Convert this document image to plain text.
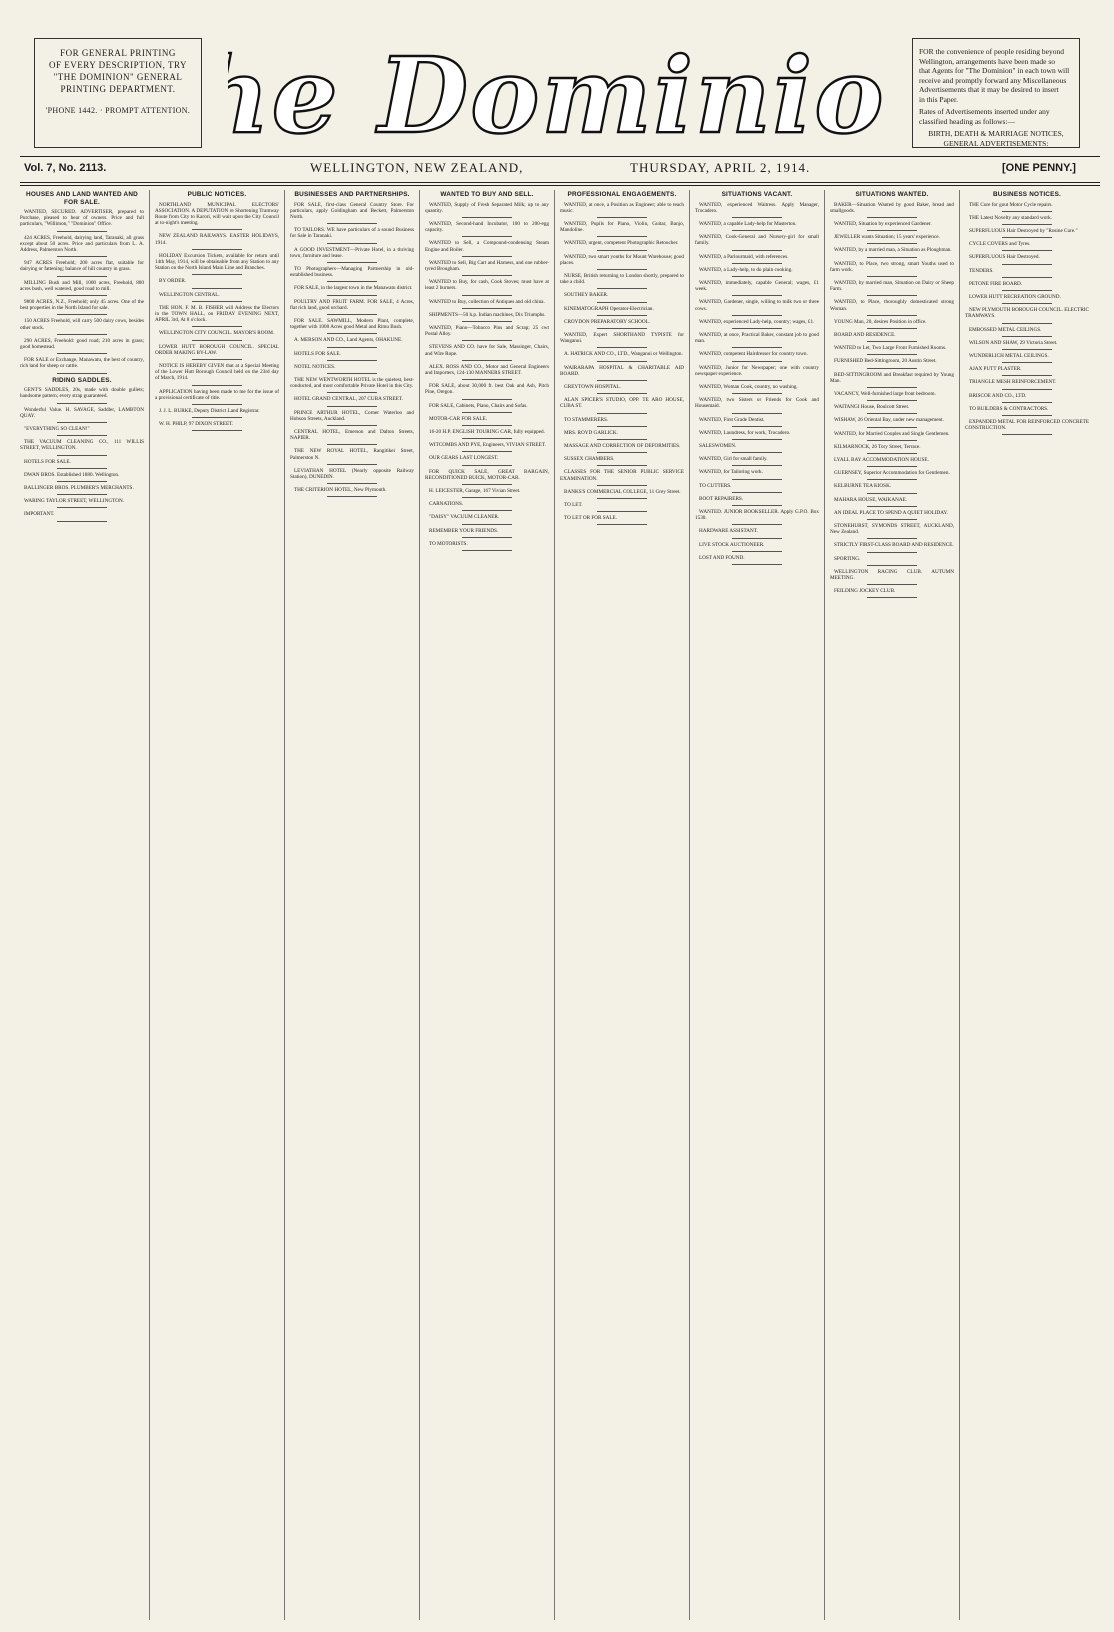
FOR GENERAL PRINTING
OF EVERY DESCRIPTION, TRY
"THE DOMINION" GENERAL
PRINTING DEPARTMENT.
'PHONE 1442. · PROMPT ATTENTION. e Dominio	FOR the convenience of people residing beyond
Wellington, arrangements have been made so
that Agents for "The Dominion" in each town will
receive and promptly forward any Miscellaneous
Advertisements that it may be desired to insert
in this Paper.
Rates of Advertisements inserted under any
classified heading as follows:—
BIRTH, DEATH & MARRIAGE NOTICES,
GENERAL ADVERTISEMENTS:
Vol. 7, No. 2113.	WELLINGTON, NEW ZEALAND,	THURSDAY, APRIL 2, 1914.	[ONE PENNY.]
HOUSES AND LAND WANTED AND FOR SALE.
WANTED, SECURED. ADVERTISER, prepared to Purchase, pleased to hear of owners. Price and full particulars, "Willimon," "Dominion" Office.
424 ACRES, Freehold, dairying land, Taranaki, all grass except about 50 acres. Price and particulars from L. A. Address, Palmerston North.
947 ACRES Freehold; 200 acres flat, suitable for dairying or fattening; balance of hill country in grass.
MILLING Bush and Mill, 1000 acres, Freehold, 800 acres bush, well watered, good road to mill.
9800 ACRES, N.Z., Freehold; only 45 acres. One of the best properties in the North Island for sale.
150 ACRES Freehold, will carry 500 dairy cows, besides other stock.
290 ACRES, Freehold: good road; 210 acres in grass; good homestead.
FOR SALE or Exchange, Manawatu, the best of country, rich land for sheep or cattle.
RIDING SADDLES.
GENT'S SADDLES, 20s, made with double gullets; handsome pattern; every strap guaranteed.
Wonderful Value. H. SAVAGE, Saddler, LAMBTON QUAY.
"EVERYTHING SO CLEAN!"
THE VACUUM CLEANING CO., 111 WILLIS STREET, WELLINGTON.
HOTELS FOR SALE.
DWAN BROS. Established 1880. Wellington.
BALLINGER BROS. PLUMBER'S MERCHANTS.
WARING TAYLOR STREET, WELLINGTON.
IMPORTANT.
PUBLIC NOTICES.
NORTHLAND MUNICIPAL ELECTORS' ASSOCIATION. A DEPUTATION re Shortening Tramway Route from City to Karori, will wait upon the City Council at to-night's meeting.
NEW ZEALAND RAILWAYS. EASTER HOLIDAYS, 1914.
HOLIDAY Excursion Tickets, available for return until 14th May, 1914, will be obtainable from any Station to any Station on the North Island Main Line and Branches.
BY ORDER.
WELLINGTON CENTRAL.
THE HON. F. M. B. FISHER will Address the Electors in the TOWN HALL, on FRIDAY EVENING NEXT, APRIL 3rd, At 8 o'clock.
WELLINGTON CITY COUNCIL. MAYOR'S ROOM.
LOWER HUTT BOROUGH COUNCIL. SPECIAL ORDER MAKING BY-LAW.
NOTICE IS HEREBY GIVEN that at a Special Meeting of the Lower Hutt Borough Council held on the 23rd day of March, 1914.
APPLICATION having been made to me for the issue of a provisional certificate of title.
J. J. L. BURKE, Deputy District Land Registrar.
W. H. PHILP, 97 DIXON STREET.
BUSINESSES AND PARTNERSHIPS.
FOR SALE, first-class General Country Store. For particulars, apply Goldingham and Beckett, Palmerston North.
TO TAILORS. WE have particulars of a sound Business for Sale in Taranaki.
A GOOD INVESTMENT—Private Hotel, in a thriving town, furniture and lease.
TO Photographers—Managing Partnership in old-established business.
FOR SALE, in the largest town in the Manawatu district.
POULTRY AND FRUIT FARM. FOR SALE, 4 Acres, flat rich land, good orchard.
FOR SALE. SAWMILL, Modern Plant, complete, together with 1000 Acres good Metal and Rimu Bush.
A. MERSON AND CO., Land Agents, OHAKUNE.
HOTELS FOR SALE.
NOTEL NOTICES.
THE NEW WENTWORTH HOTEL is the quietest, best-conducted, and most comfortable Private Hotel in this City.
HOTEL GRAND CENTRAL, 207 CUBA STREET.
PRINCE ARTHUR HOTEL, Corner Waterloo and Hobson Streets, Auckland.
CENTRAL HOTEL, Emerson and Dalton Streets, NAPIER.
THE NEW ROYAL HOTEL, Rangitikei Street, Palmerston N.
LEVIATHAN HOTEL (Nearly opposite Railway Station), DUNEDIN.
THE CRITERION HOTEL, New Plymouth.
WANTED TO BUY AND SELL.
WANTED, Supply of Fresh Separated Milk; up to any quantity.
WANTED, Second-hand Incubator, 100 to 200-egg capacity.
WANTED to Sell, a Compound-condensing Steam Engine and Boiler.
WANTED to Sell, Big Cart and Harness, and one rubber-tyred Brougham.
WANTED to Buy, for cash, Cook Stoves; must have at least 2 burners.
WANTED to Buy, collection of Antiques and old china.
SHIPMENTS—50 h.p. Indian machines, Dix Triumphs.
WANTED, Piano—Tobacco Pins and Scrap; 25 cwt Postal Alloy.
STEVENS AND CO. have for Sale, Massinger, Chairs, and Wire Rope.
ALEX. ROSS AND CO., Motor and General Engineers and Importers, 124-130 MANNERS STREET.
FOR SALE, about 30,000 ft. best Oak and Ash, Pitch Pine, Oregon.
FOR SALE, Cabinets, Piano, Chairs and Sofas.
MOTOR-CAR FOR SALE.
16-20 H.P. ENGLISH TOURING CAR, fully equipped.
WITCOMBS AND PYE, Engineers, VIVIAN STREET.
OUR GEARS LAST LONGEST.
FOR QUICK SALE, GREAT BARGAIN, RECONDITIONED BUICK, MOTOR-CAR.
H. LEICESTER, Garage, 167 Vivian Street.
CARNATIONS.
"DAISY" VACUUM CLEANER.
REMEMBER YOUR FRIENDS.
TO MOTORISTS.
PROFESSIONAL ENGAGEMENTS.
WANTED, at once, a Position as Engineer; able to teach music.
WANTED, Pupils for Piano, Violin, Guitar, Banjo, Mandoline.
WANTED, urgent, competent Photographic Retoucher.
WANTED, two smart youths for Mount Warehouse; good places.
NURSE, British returning to London shortly, prepared to take a child.
SOUTHEY BAKER.
KINEMATOGRAPH Operator-Electrician.
CROYDON PREPARATORY SCHOOL.
WANTED, Expert SHORTHAND TYPISTE for Wanganui.
A. HATRICK AND CO., LTD., Wanganui or Wellington.
WAIRARAPA HOSPITAL & CHARITABLE AID BOARD.
GREYTOWN HOSPITAL.
ALAN SPICER'S STUDIO, OPP. TE ARO HOUSE, CUBA ST.
TO STAMMERERS.
MRS. ROYD GARLICK.
MASSAGE AND CORRECTION OF DEFORMITIES.
SUSSEX CHAMBERS.
CLASSES FOR THE SENIOR PUBLIC SERVICE EXAMINATION.
BANKS'S COMMERCIAL COLLEGE, 11 Grey Street.
TO LET.
TO LET OR FOR SALE.
SITUATIONS VACANT.
WANTED, experienced Waitress. Apply Manager, Trocadero.
WANTED, a capable Lady-help for Masterton.
WANTED, Cook-General and Nursery-girl for small family.
WANTED, a Parlourmaid, with references.
WANTED, a Lady-help, to do plain cooking.
WANTED, immediately, capable General; wages, £1 week.
WANTED, Gardener, single, willing to milk two or three cows.
WANTED, experienced Lady-help, country; wages, £1.
WANTED, at once, Practical Baker, constant job to good man.
WANTED, competent Hairdresser for country town.
WANTED, Junior for Newspaper; one with country newspaper experience.
WANTED, Woman Cook, country, no washing.
WANTED, two Sisters or Friends for Cook and Housemaid.
WANTED, First Grade Dentist.
WANTED, Laundress, for work, Trocadero.
SALESWOMEN.
WANTED, Girl for small family.
WANTED, for Tailoring work.
TO CUTTERS.
BOOT REPAIRERS.
WANTED. JUNIOR BOOKSELLER. Apply G.P.O. Box 1530.
HARDWARE ASSISTANT.
LIVE STOCK AUCTIONEER.
LOST AND FOUND.
SITUATIONS WANTED.
BAKER—Situation Wanted by good Baker, bread and smallgoods.
WANTED, Situation by experienced Gardener.
JEWELLER wants Situation; 15 years' experience.
WANTED, by a married man, a Situation as Ploughman.
WANTED, to Place, two strong, smart Youths used to farm work.
WANTED, by married man, Situation on Dairy or Sheep Farm.
WANTED, to Place, thoroughly domesticated strong Woman.
YOUNG Man, 20, desires Position in office.
BOARD AND RESIDENCE.
WANTED to Let, Two Large Front Furnished Rooms.
FURNISHED Bed-Sittingroom, 20 Austin Street.
BED-SITTINGROOM and Breakfast required by Young Man.
VACANCY, Well-furnished large front bedroom.
WAITANGI House, Boulcott Street.
WISHAW, 26 Oriental Bay, under new management.
WANTED, for Married Couples and Single Gentlemen.
KILMARNOCK, 26 Tory Street, Terrace.
LYALL BAY ACCOMMODATION HOUSE.
GUERNSEY, Superior Accommodation for Gentlemen.
KELBURNE TEA KIOSK.
MAHARA HOUSE, WAIKANAE.
AN IDEAL PLACE TO SPEND A QUIET HOLIDAY.
STONEHURST, SYMONDS STREET, AUCKLAND, New Zealand.
STRICTLY FIRST-CLASS BOARD AND RESIDENCE.
SPORTING.
WELLINGTON RACING CLUB. AUTUMN MEETING.
FEILDING JOCKEY CLUB.
BUSINESS NOTICES.
THE Cure for gout Motor Cycle repairs.
THE Latest Novelty any standard work.
SUPERFLUOUS Hair Destroyed by "Rosine Cure."
CYCLE COVERS and Tyres.
SUPERFLUOUS Hair Destroyed.
TENDERS.
PETONE FIRE BOARD.
LOWER HUTT RECREATION GROUND.
NEW PLYMOUTH BOROUGH COUNCIL. ELECTRIC TRAMWAYS.
EMBOSSED METAL CEILINGS.
WILSON AND SHAW, 29 Victoria Street.
WUNDERLICH METAL CEILINGS.
AJAX PUTT PLASTER.
TRIANGLE MESH REINFORCEMENT.
BRISCOE AND CO., LTD.
TO BUILDERS & CONTRACTORS.
EXPANDED METAL FOR REINFORCED CONCRETE CONSTRUCTION.
